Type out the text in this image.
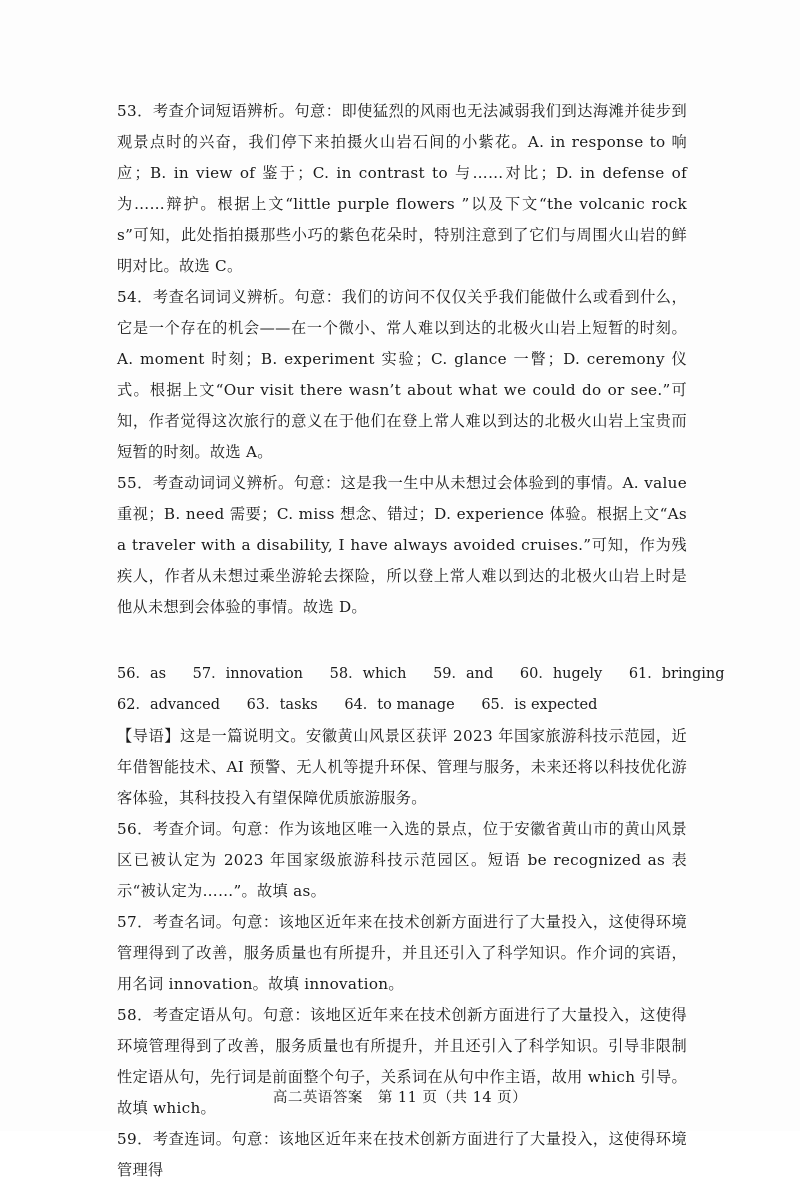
53．考查介词短语辨析。句意：即使猛烈的风雨也无法减弱我们到达海滩并徒步到观景点时的兴奋，我们停下来拍摄火山岩石间的小紫花。A. in response to 响应；B. in view of 鉴于；C. in contrast to 与……对比；D. in defense of 为……辩护。根据上文“little purple flowers ”以及下文“the volcanic rocks”可知，此处指拍摄那些小巧的紫色花朵时，特别注意到了它们与周围火山岩的鲜明对比。故选 C。

54．考查名词词义辨析。句意：我们的访问不仅仅关乎我们能做什么或看到什么，它是一个存在的机会——在一个微小、常人难以到达的北极火山岩上短暂的时刻。A. moment 时刻；B. experiment 实验；C. glance 一瞥；D. ceremony 仪式。根据上文“Our visit there wasn’t about what we could do or see.”可知，作者觉得这次旅行的意义在于他们在登上常人难以到达的北极火山岩上宝贵而短暂的时刻。故选 A。

55．考查动词词义辨析。句意：这是我一生中从未想过会体验到的事情。A. value 重视；B. need 需要；C. miss 想念、错过；D. experience 体验。根据上文“As a traveler with a disability, I have always avoided cruises.”可知，作为残疾人，作者从未想过乘坐游轮去探险，所以登上常人难以到达的北极火山岩上时是他从未想到会体验的事情。故选 D。

56．as 57．innovation 58．which 59．and 60．hugely 61．bringing
62．advanced 63．tasks 64．to manage 65．is expected

【导语】这是一篇说明文。安徽黄山风景区获评 2023 年国家旅游科技示范园，近年借智能技术、AI 预警、无人机等提升环保、管理与服务，未来还将以科技优化游客体验，其科技投入有望保障优质旅游服务。

56．考查介词。句意：作为该地区唯一入选的景点，位于安徽省黄山市的黄山风景区已被认定为 2023 年国家级旅游科技示范园区。短语 be recognized as 表示“被认定为……”。故填 as。

57．考查名词。句意：该地区近年来在技术创新方面进行了大量投入，这使得环境管理得到了改善，服务质量也有所提升，并且还引入了科学知识。作介词的宾语，用名词 innovation。故填 innovation。

58．考查定语从句。句意：该地区近年来在技术创新方面进行了大量投入，这使得环境管理得到了改善，服务质量也有所提升，并且还引入了科学知识。引导非限制性定语从句，先行词是前面整个句子，关系词在从句中作主语，故用 which 引导。故填 which。

59．考查连词。句意：该地区近年来在技术创新方面进行了大量投入，这使得环境管理得

高二英语答案　第 11 页（共 14 页）
